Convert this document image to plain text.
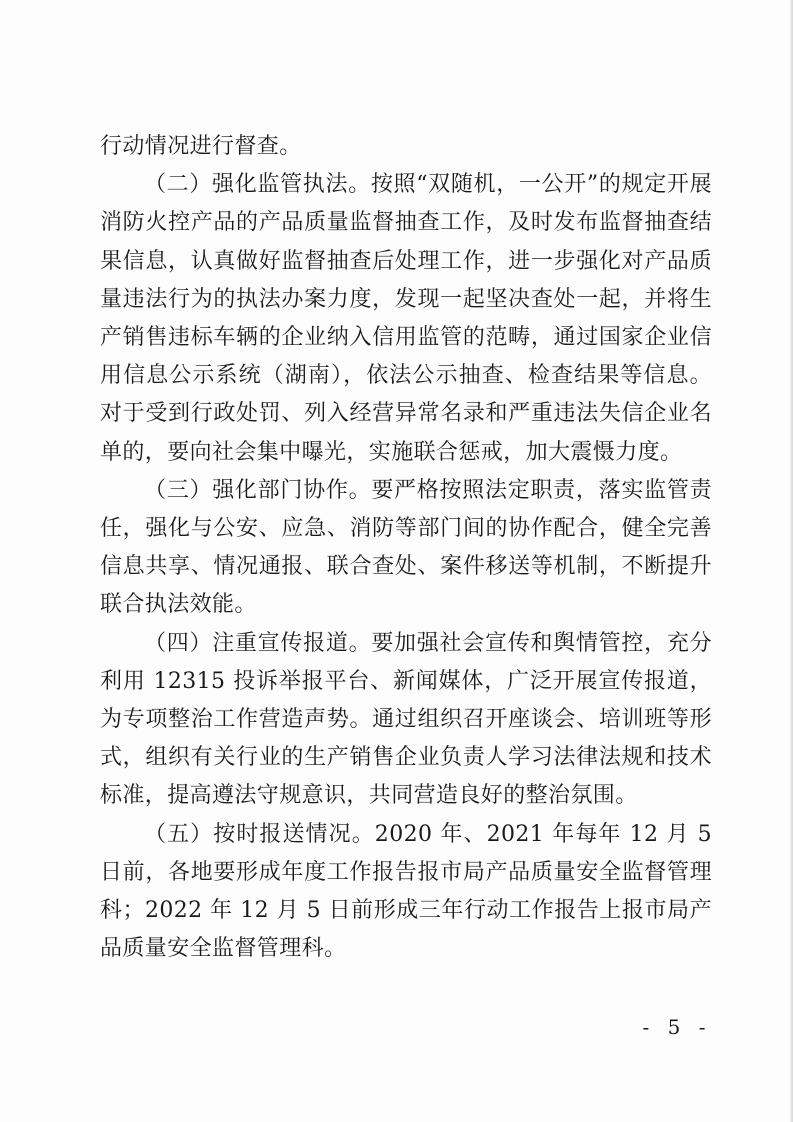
行动情况进行督查。

（二）强化监管执法。按照“双随机，一公开”的规定开展消防火控产品的产品质量监督抽查工作，及时发布监督抽查结果信息，认真做好监督抽查后处理工作，进一步强化对产品质量违法行为的执法办案力度，发现一起坚决查处一起，并将生产销售违标车辆的企业纳入信用监管的范畴，通过国家企业信用信息公示系统（湖南），依法公示抽查、检查结果等信息。对于受到行政处罚、列入经营异常名录和严重违法失信企业名单的，要向社会集中曝光，实施联合惩戒，加大震慑力度。

（三）强化部门协作。要严格按照法定职责，落实监管责任，强化与公安、应急、消防等部门间的协作配合，健全完善信息共享、情况通报、联合查处、案件移送等机制，不断提升联合执法效能。

（四）注重宣传报道。要加强社会宣传和舆情管控，充分利用 12315 投诉举报平台、新闻媒体，广泛开展宣传报道，为专项整治工作营造声势。通过组织召开座谈会、培训班等形式，组织有关行业的生产销售企业负责人学习法律法规和技术标准，提高遵法守规意识，共同营造良好的整治氛围。

（五）按时报送情况。2020 年、2021 年每年 12 月 5 日前，各地要形成年度工作报告报市局产品质量安全监督管理科；2022 年 12 月 5 日前形成三年行动工作报告上报市局产品质量安全监督管理科。

- 5 -
